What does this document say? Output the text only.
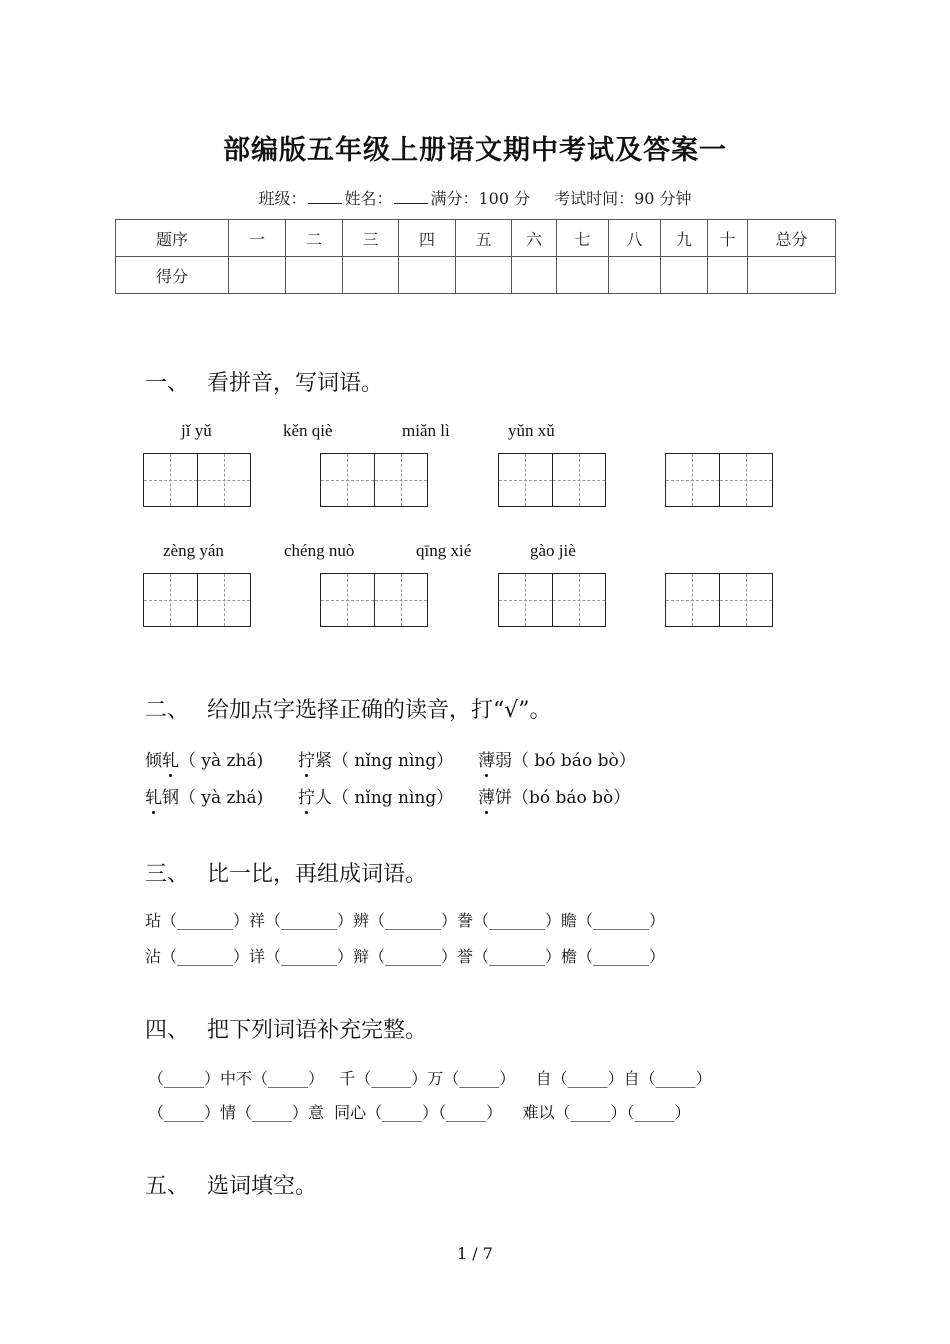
部编版五年级上册语文期中考试及答案一
班级： 姓名： 满分：100 分 考试时间：90 分钟
题序	一	二	三	四	五	六	七	八	九	十	总分
得分											
一、 看拼音，写词语。
jǐ yǔ	kěn qiè	miǎn lì	yǔn xǔ
zèng yán	chéng nuò	qīng xié	gào jiè
二、 给加点字选择正确的读音，打“√”。
倾轧（ yà zhá) 拧紧（ nǐng nìng） 薄弱（ bó báo bò）
轧钢（ yà zhá) 拧人（ nǐng nìng） 薄饼（bó báo bò）
三、 比一比，再组成词语。
玷（_______）祥（_______）辨（_______）誊（_______）瞻（_______）
沾（_______）详（_______）辩（_______）誉（_______）檐（_______）
四、 把下列词语补充完整。
（_____）中不（_____）   千（_____）万（_____）    自（_____）自（_____）
（_____）情（_____）意  同心（_____）（_____）    难以（_____）（_____）
五、 选词填空。
1 / 7
